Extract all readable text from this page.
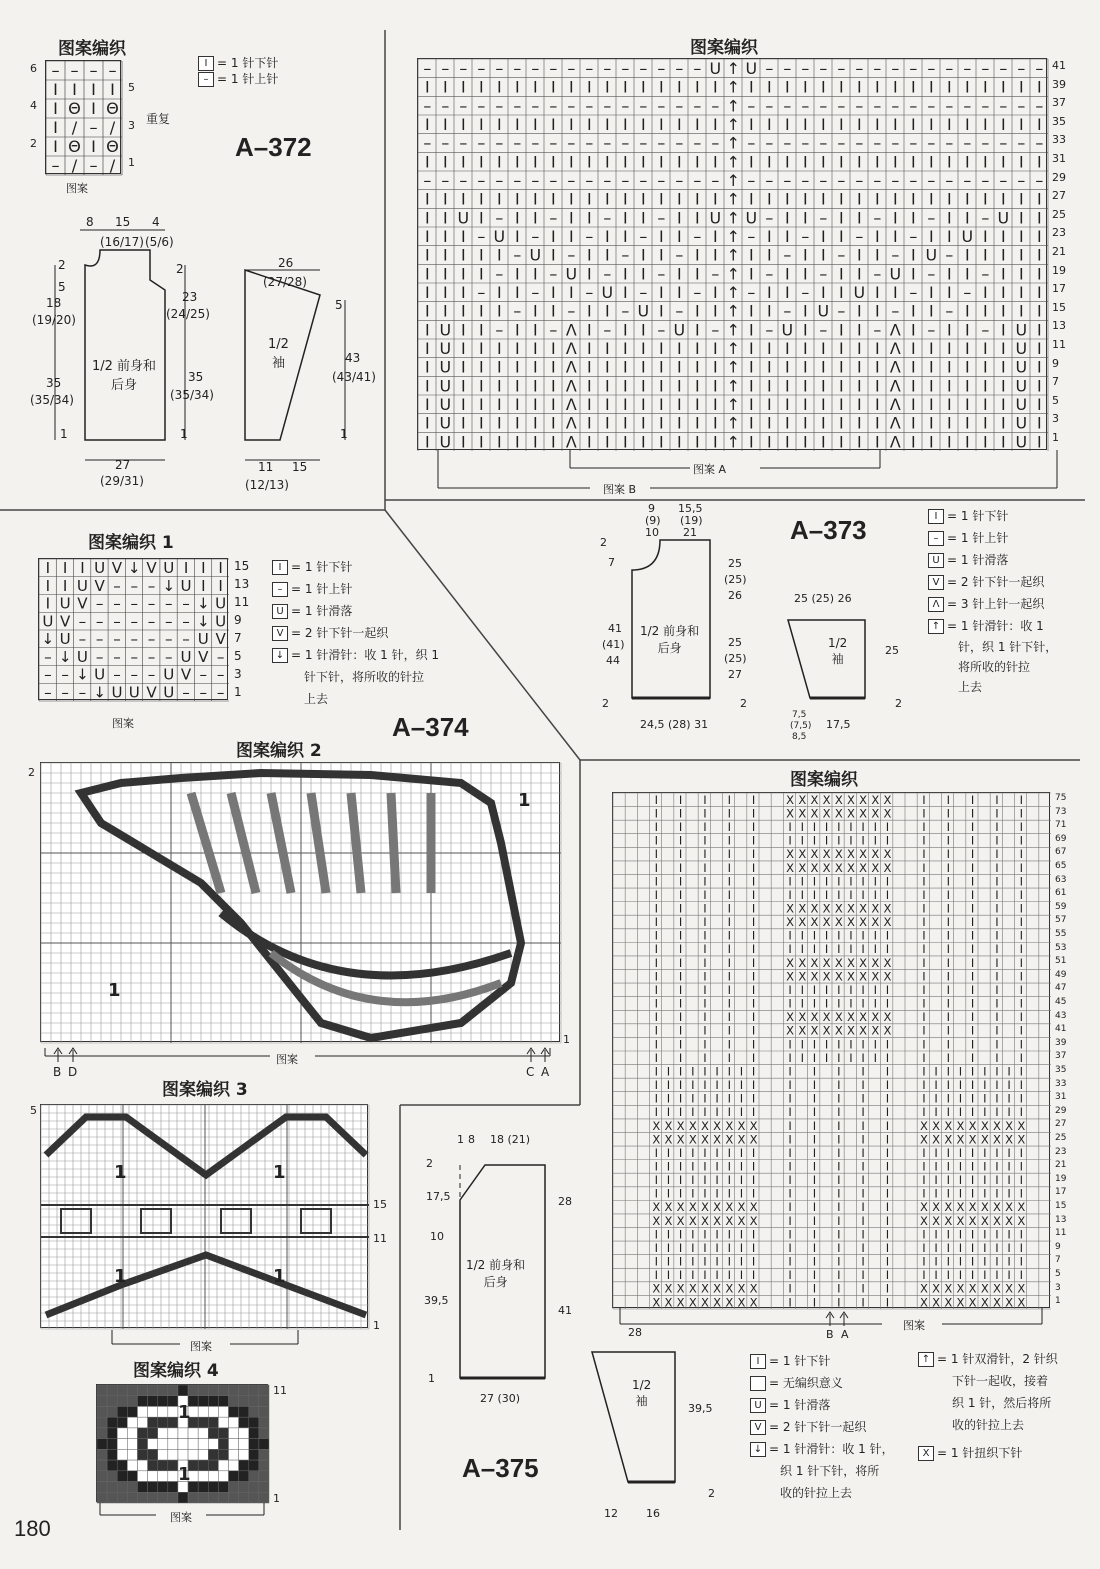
图案编织
– – – –
I I I I
I Θ I Θ
I / – /
I Θ I Θ
– / – /
6
4
2
5
3
1
重复
图案
I = 1 针下针
– = 1 针上针
A–372
8 15 4
(16/17) (5/6)
2
5
18
(19/20)
35
(35/34)
1
2
23
(24/25)
35
(35/34)
1
1/2 前身和
后身
27
(29/31)
26
(27/28)
1/2
袖
5
43
(43/41)
1
11 15
(12/13)
图案编织
– – – – – – – – – – – – – – – – U ↑ U – – – – – – – – – – – – – – – –
I I I I I I I I I I I I I I I I I ↑ I I I I I I I I I I I I I I I I I
– – – – – – – – – – – – – – – – – ↑ – – – – – – – – – – – – – – – – –
I I I I I I I I I I I I I I I I I ↑ I I I I I I I I I I I I I I I I I
– – – – – – – – – – – – – – – – – ↑ – – – – – – – – – – – – – – – – –
I I I I I I I I I I I I I I I I I ↑ I I I I I I I I I I I I I I I I I
– – – – – – – – – – – – – – – – – ↑ – – – – – – – – – – – – – – – – –
I I I I I I I I I I I I I I I I I ↑ I I I I I I I I I I I I I I I I I
I I U I – I I – I I – I I – I I U ↑ U – I I – I I – I I – I I – U I I
I I I – U I – I I – I I – I I – I ↑ – I I – I I – I I – I I U I I I I
I I I I I – U I – I I – I I – I I ↑ I I – I I – I I – I U – I I I I I
I I I I – I I – U I – I I – I I – ↑ I – I I – I I – U I – I I – I I I
I I I – I I – I I – U I – I I – I ↑ – I I – I I U I I – I I – I I I I
I I I I I – I I – I I – U I – I I ↑ I I – I U – I I – I I – I I I I I
I U I I – I I – Λ I – I I – U I – ↑ I – U I – I I – Λ I – I I – I U I
I U I I I I I I Λ I I I I I I I I ↑ I I I I I I I I Λ I I I I I I U I
I U I I I I I I Λ I I I I I I I I ↑ I I I I I I I I Λ I I I I I I U I
I U I I I I I I Λ I I I I I I I I ↑ I I I I I I I I Λ I I I I I I U I
I U I I I I I I Λ I I I I I I I I ↑ I I I I I I I I Λ I I I I I I U I
I U I I I I I I Λ I I I I I I I I ↑ I I I I I I I I Λ I I I I I I U I
I U I I I I I I Λ I I I I I I I I ↑ I I I I I I I I Λ I I I I I I U I
41
39
37
35
33
31
29
27
25
23
21
19
17
15
13
11
9
7
5
3
1
图案 A
图案 B
A–373	I = 1 针下针
– = 1 针上针
U = 1 针滑落
V = 2 针下针一起织
Λ = 3 针上针一起织
↑ = 1 针滑针：收 1
针，织 1 针下针，
将所收的针拉
上去
9
(9)
10
15,5
(19)
21
2
7
41
(41)
44
2
1/2 前身和
后身
25
(25)
26
25
(25)
27
2
24,5 (28) 31
25 (25) 26
1/2
袖
25
2
7,5
(7,5)
8,5
17,5
图案编织 1
I I I U V ↓ V U I I I
I I U V – – – ↓ U I I
I U V – – – – – – ↓ U
U V – – – – – – – ↓ U
↓ U – – – – – – – U V
– ↓ U – – – – – U V –
– – ↓ U – – – U V – –
– – – ↓ U U V U – – –
15
13
11
9
7
5
3
1
图案
I = 1 针下针
– = 1 针上针
U = 1 针滑落
V = 2 针下针一起织
↓ = 1 针滑针：收 1 针，织 1
针下针，将所收的针拉
上去
A–374
图案编织 2
2
1
1
1
图案
B D	C A
图案编织 3
5
15
11
1
1	1
1	1
图案
图案编织 4
11
1
1
1
图案
图案编织
I I I I I	X X X X X X X X X	I I I I I
I I I I I	X X X X X X X X X	I I I I I
I I I I I	I I I I I I I I I	I I I I I
I I I I I	I I I I I I I I I	I I I I I
I I I I I	X X X X X X X X X	I I I I I
I I I I I	X X X X X X X X X	I I I I I
I I I I I	I I I I I I I I I	I I I I I
I I I I I	I I I I I I I I I	I I I I I
I I I I I	X X X X X X X X X	I I I I I
I I I I I	X X X X X X X X X	I I I I I
I I I I I	I I I I I I I I I	I I I I I
I I I I I	I I I I I I I I I	I I I I I
I I I I I	X X X X X X X X X	I I I I I
I I I I I	X X X X X X X X X	I I I I I
I I I I I	I I I I I I I I I	I I I I I
I I I I I	I I I I I I I I I	I I I I I
I I I I I	X X X X X X X X X	I I I I I
I I I I I	X X X X X X X X X	I I I I I
I I I I I	I I I I I I I I I	I I I I I
I I I I I	I I I I I I I I I	I I I I I
I I I I I I I I I	I I I I I	I I I I I I I I I
I I I I I I I I I	I I I I I	I I I I I I I I I
I I I I I I I I I	I I I I I	I I I I I I I I I
I I I I I I I I I	I I I I I	I I I I I I I I I
X X X X X X X X X	I I I I I	X X X X X X X X X
X X X X X X X X X	I I I I I	X X X X X X X X X
I I I I I I I I I	I I I I I	I I I I I I I I I
I I I I I I I I I	I I I I I	I I I I I I I I I
I I I I I I I I I	I I I I I	I I I I I I I I I
I I I I I I I I I	I I I I I	I I I I I I I I I
X X X X X X X X X	I I I I I	X X X X X X X X X
X X X X X X X X X	I I I I I	X X X X X X X X X
I I I I I I I I I	I I I I I	I I I I I I I I I
I I I I I I I I I	I I I I I	I I I I I I I I I
I I I I I I I I I	I I I I I	I I I I I I I I I
I I I I I I I I I	I I I I I	I I I I I I I I I
X X X X X X X X X	I I I I I	X X X X X X X X X
X X X X X X X X X	I I I I I	X X X X X X X X X
75
73
71
69
67
65
63
61
59
57
55
53
51
49
47
45
43
41
39
37
35
33
31
29
27
25
23
21
19
17
15
13
11
9
7
5
3
1
图案
B A
I = 1 针下针
= 无编织意义
U = 1 针滑落
V = 2 针下针一起织
↓ = 1 针滑针：收 1 针，
织 1 针下针，将所
收的针拉上去
↑ = 1 针双滑针，2 针织
下针一起收，接着
织 1 针，然后将所
收的针拉上去
X = 1 针扭织下针
1 8 18 (21)
2
17,5
10
39,5
1
1/2 前身和
后身
28
41
27 (30)
A–375
28
1/2
袖
39,5
2
12	16
180
